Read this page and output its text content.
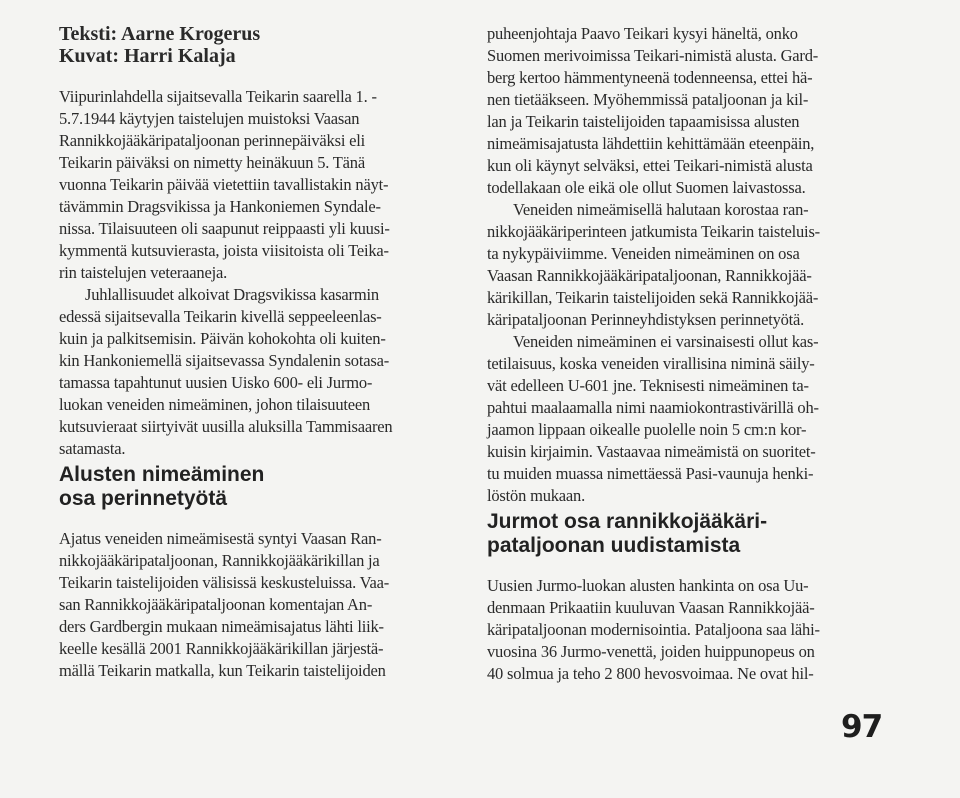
Teksti: Aarne Krogerus
Kuvat: Harri Kalaja
Viipurinlahdella sijaitsevalla Teikarin saarella 1. -
5.7.1944 käytyjen taistelujen muistoksi Vaasan
Rannikkojääkäripataljoonan perinnepäiväksi eli
Teikarin päiväksi on nimetty heinäkuun 5. Tänä
vuonna Teikarin päivää vietettiin tavallistakin näyt-
tävämmin Dragsvikissa ja Hankoniemen Syndale-
nissa. Tilaisuuteen oli saapunut reippaasti yli kuusi-
kymmentä kutsuvierasta, joista viisitoista oli Teika-
rin taistelujen veteraaneja.
Juhlallisuudet alkoivat Dragsvikissa kasarmin
edessä sijaitsevalla Teikarin kivellä seppeeleenlas-
kuin ja palkitsemisin. Päivän kohokohta oli kuiten-
kin Hankoniemellä sijaitsevassa Syndalenin sotasa-
tamassa tapahtunut uusien Uisko 600- eli Jurmo-
luokan veneiden nimeäminen, johon tilaisuuteen
kutsuvieraat siirtyivät uusilla aluksilla Tammisaaren
satamasta.
Alusten nimeäminen
osa perinnetyötä
Ajatus veneiden nimeämisestä syntyi Vaasan Ran-
nikkojääkäripataljoonan, Rannikkojääkärikillan ja
Teikarin taistelijoiden välisissä keskusteluissa. Vaa-
san Rannikkojääkäripataljoonan komentajan An-
ders Gardbergin mukaan nimeämisajatus lähti liik-
keelle kesällä 2001 Rannikkojääkärikillan järjestä-
mällä Teikarin matkalla, kun Teikarin taistelijoiden
puheenjohtaja Paavo Teikari kysyi häneltä, onko
Suomen merivoimissa Teikari-nimistä alusta. Gard-
berg kertoo hämmentyneenä todenneensa, ettei hä-
nen tietääkseen. Myöhemmissä pataljoonan ja kil-
lan ja Teikarin taistelijoiden tapaamisissa alusten
nimeämisajatusta lähdettiin kehittämään eteenpäin,
kun oli käynyt selväksi, ettei Teikari-nimistä alusta
todellakaan ole eikä ole ollut Suomen laivastossa.
Veneiden nimeämisellä halutaan korostaa ran-
nikkojääkäriperinteen jatkumista Teikarin taisteluis-
ta nykypäiviimme. Veneiden nimeäminen on osa
Vaasan Rannikkojääkäripataljoonan, Rannikkojää-
kärikillan, Teikarin taistelijoiden sekä Rannikkojää-
käripataljoonan Perinneyhdistyksen perinnetyötä.
Veneiden nimeäminen ei varsinaisesti ollut kas-
tetilaisuus, koska veneiden virallisina niminä säily-
vät edelleen U-601 jne. Teknisesti nimeäminen ta-
pahtui maalaamalla nimi naamiokontrastivärillä oh-
jaamon lippaan oikealle puolelle noin 5 cm:n kor-
kuisin kirjaimin. Vastaavaa nimeämistä on suoritet-
tu muiden muassa nimettäessä Pasi-vaunuja henki-
löstön mukaan.
Jurmot osa rannikkojääkäri-
pataljoonan uudistamista
Uusien Jurmo-luokan alusten hankinta on osa Uu-
denmaan Prikaatiin kuuluvan Vaasan Rannikkojää-
käripataljoonan modernisointia. Pataljoona saa lähi-
vuosina 36 Jurmo-venettä, joiden huippunopeus on
40 solmua ja teho 2 800 hevosvoimaa. Ne ovat hil-
97
